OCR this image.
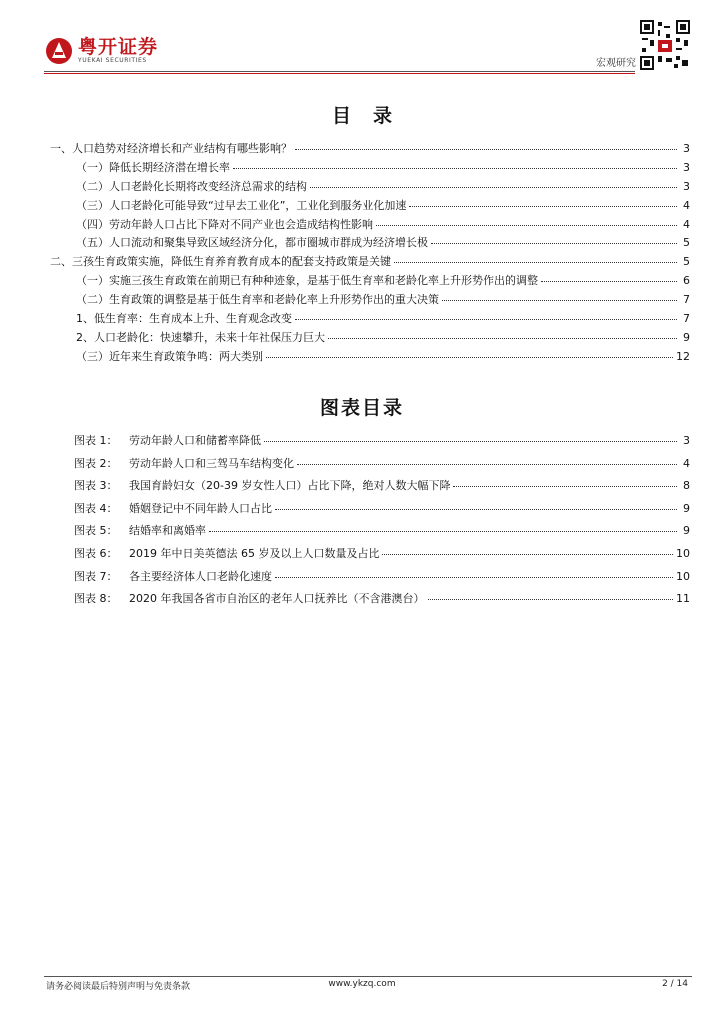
粤开证券
YUEKAI SECURITIES	宏观研究
目录
一、人口趋势对经济增长和产业结构有哪些影响？	3
（一）降低长期经济潜在增长率	3
（二）人口老龄化长期将改变经济总需求的结构	3
（三）人口老龄化可能导致“过早去工业化”，工业化到服务业化加速	4
（四）劳动年龄人口占比下降对不同产业也会造成结构性影响	4
（五）人口流动和聚集导致区域经济分化，都市圈城市群成为经济增长极	5
二、三孩生育政策实施，降低生育养育教育成本的配套支持政策是关键	5
（一）实施三孩生育政策在前期已有种种迹象，是基于低生育率和老龄化率上升形势作出的调整	6
（二）生育政策的调整是基于低生育率和老龄化率上升形势作出的重大决策	7
1、低生育率：生育成本上升、生育观念改变	7
2、人口老龄化：快速攀升，未来十年社保压力巨大	9
（三）近年来生育政策争鸣：两大类别	12
图表目录
图表 1：	劳动年龄人口和储蓄率降低	3
图表 2：	劳动年龄人口和三驾马车结构变化	4
图表 3：	我国育龄妇女（20-39 岁女性人口）占比下降，绝对人数大幅下降	8
图表 4：	婚姻登记中不同年龄人口占比	9
图表 5：	结婚率和离婚率	9
图表 6：	2019 年中日美英德法 65 岁及以上人口数量及占比	10
图表 7：	各主要经济体人口老龄化速度	10
图表 8：	2020 年我国各省市自治区的老年人口抚养比（不含港澳台）	11
请务必阅读最后特别声明与免责条款	www.ykzq.com	2 / 14
